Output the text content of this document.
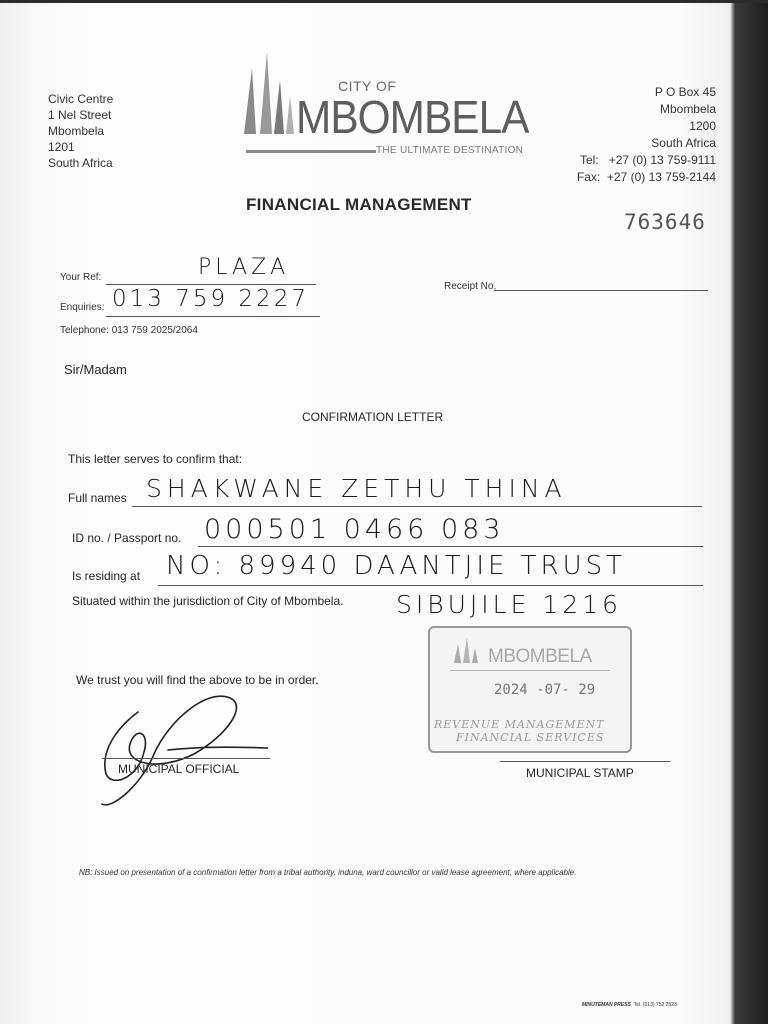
Civic Centre
1 Nel Street
Mbombela
1201
South Africa
CITY OF
MBOMBELA
THE ULTIMATE DESTINATION
P O Box 45
Mbombela
1200
South Africa
Tel: +27 (0) 13 759-9111
Fax: +27 (0) 13 759-2144
FINANCIAL MANAGEMENT
763646
Your Ref:	PLAZA
Enquiries: 013 759 2227
Telephone: 013 759 2025/2064
Receipt No.
Sir/Madam
CONFIRMATION LETTER
This letter serves to confirm that:
Full names SHAKWANE ZETHU THINA
ID no. / Passport no. 000501 0466 083
Is residing at NO: 89940 DAANTJIE TRUST
Situated within the jurisdiction of City of Mbombela. SIBUJILE 1216
We trust you will find the above to be in order.
MBOMBELA
2024 -07- 29
REVENUE MANAGEMENT
FINANCIAL SERVICES
MUNICIPAL OFFICIAL	MUNICIPAL STAMP
NB: Issued on presentation of a confirmation letter from a tribal authority, induna, ward councillor or valid lease agreement, where applicable.
MINUTEMAN PRESS Tel. (013) 752 2523
